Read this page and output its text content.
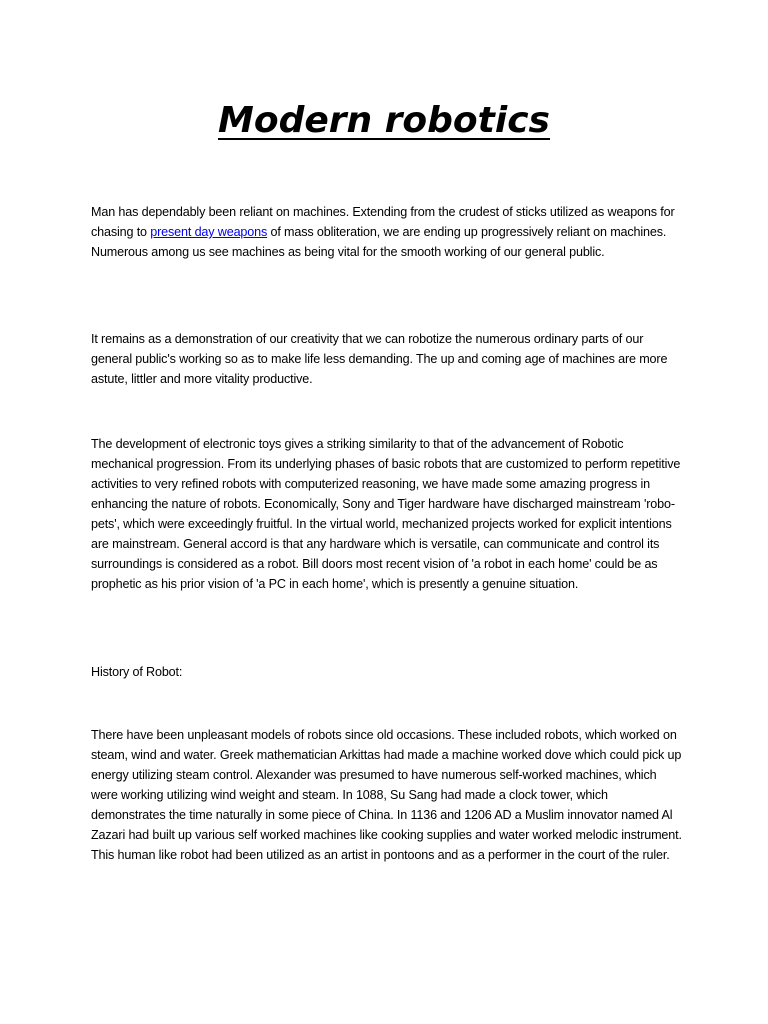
Modern robotics

Man has dependably been reliant on machines. Extending from the crudest of sticks utilized as weapons for chasing to present day weapons of mass obliteration, we are ending up progressively reliant on machines. Numerous among us see machines as being vital for the smooth working of our general public.

It remains as a demonstration of our creativity that we can robotize the numerous ordinary parts of our general public's working so as to make life less demanding. The up and coming age of machines are more astute, littler and more vitality productive.

The development of electronic toys gives a striking similarity to that of the advancement of Robotic mechanical progression. From its underlying phases of basic robots that are customized to perform repetitive activities to very refined robots with computerized reasoning, we have made some amazing progress in enhancing the nature of robots. Economically, Sony and Tiger hardware have discharged mainstream 'robo-pets', which were exceedingly fruitful. In the virtual world, mechanized projects worked for explicit intentions are mainstream. General accord is that any hardware which is versatile, can communicate and control its surroundings is considered as a robot. Bill doors most recent vision of 'a robot in each home' could be as prophetic as his prior vision of 'a PC in each home', which is presently a genuine situation.

History of Robot:

There have been unpleasant models of robots since old occasions. These included robots, which worked on steam, wind and water. Greek mathematician Arkittas had made a machine worked dove which could pick up energy utilizing steam control. Alexander was presumed to have numerous self-worked machines, which were working utilizing wind weight and steam. In 1088, Su Sang had made a clock tower, which demonstrates the time naturally in some piece of China. In 1136 and 1206 AD a Muslim innovator named Al Zazari had built up various self worked machines like cooking supplies and water worked melodic instrument. This human like robot had been utilized as an artist in pontoons and as a performer in the court of the ruler.
